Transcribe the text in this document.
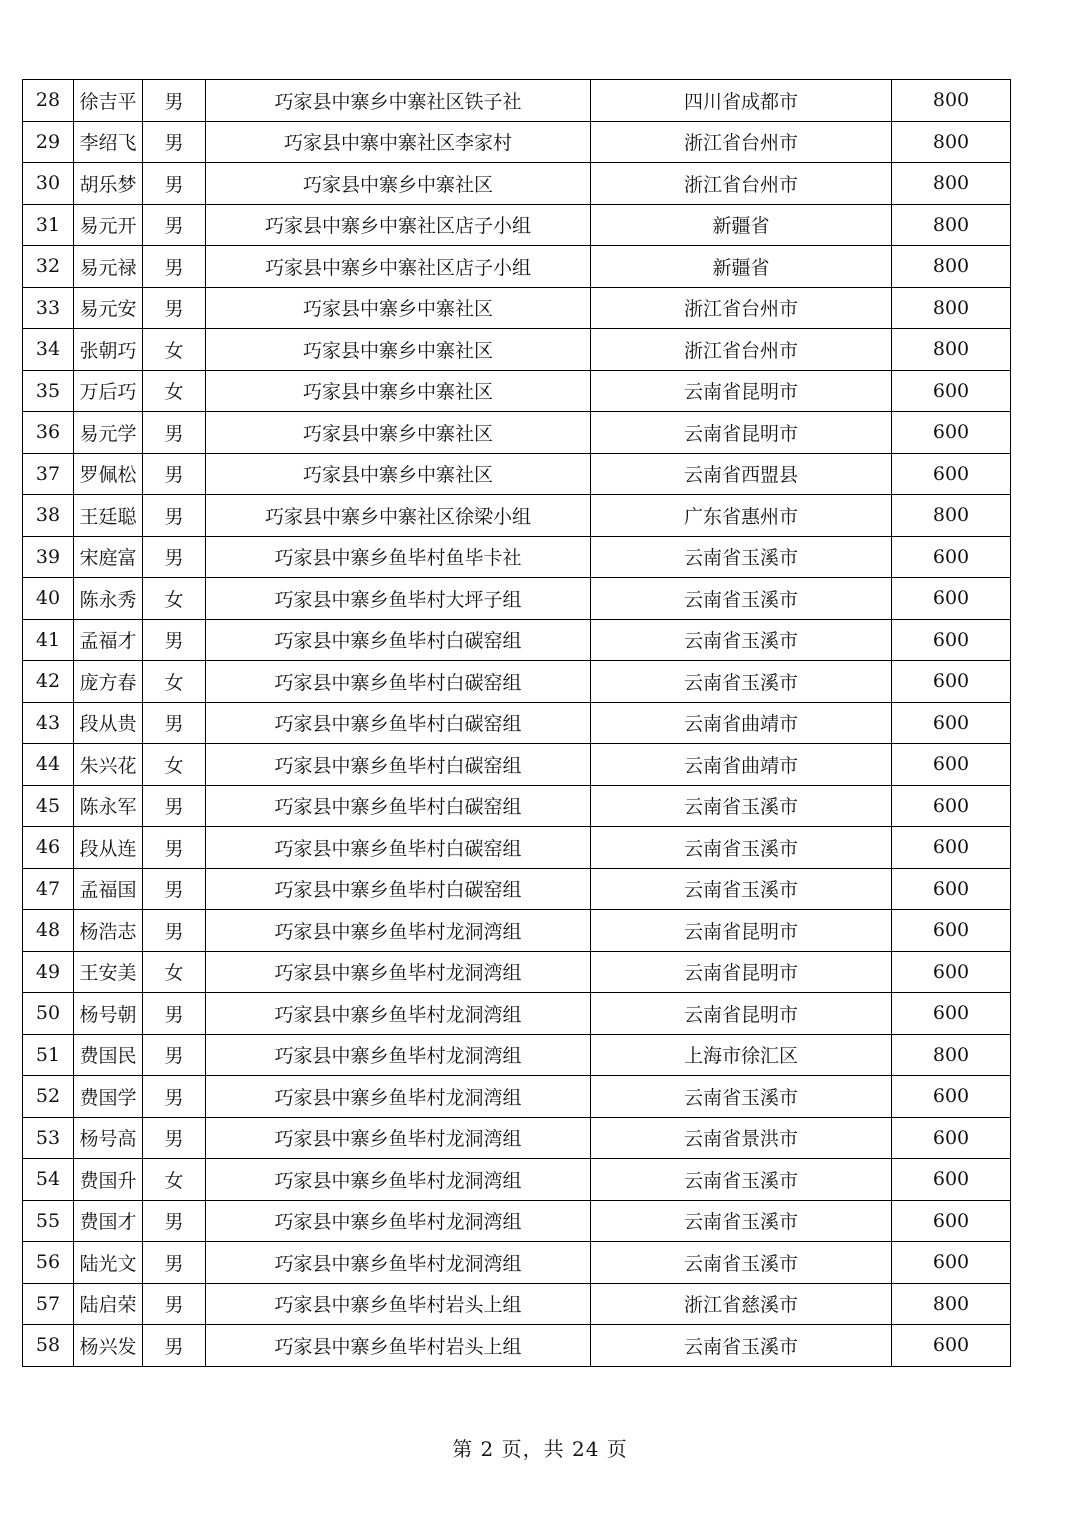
28	徐吉平	男	巧家县中寨乡中寨社区铁子社	四川省成都市	800
29	李绍飞	男	巧家县中寨中寨社区李家村	浙江省台州市	800
30	胡乐梦	男	巧家县中寨乡中寨社区	浙江省台州市	800
31	易元开	男	巧家县中寨乡中寨社区店子小组	新疆省	800
32	易元禄	男	巧家县中寨乡中寨社区店子小组	新疆省	800
33	易元安	男	巧家县中寨乡中寨社区	浙江省台州市	800
34	张朝巧	女	巧家县中寨乡中寨社区	浙江省台州市	800
35	万后巧	女	巧家县中寨乡中寨社区	云南省昆明市	600
36	易元学	男	巧家县中寨乡中寨社区	云南省昆明市	600
37	罗佩松	男	巧家县中寨乡中寨社区	云南省西盟县	600
38	王廷聪	男	巧家县中寨乡中寨社区徐梁小组	广东省惠州市	800
39	宋庭富	男	巧家县中寨乡鱼毕村鱼毕卡社	云南省玉溪市	600
40	陈永秀	女	巧家县中寨乡鱼毕村大坪子组	云南省玉溪市	600
41	孟福才	男	巧家县中寨乡鱼毕村白碳窑组	云南省玉溪市	600
42	庞方春	女	巧家县中寨乡鱼毕村白碳窑组	云南省玉溪市	600
43	段从贵	男	巧家县中寨乡鱼毕村白碳窑组	云南省曲靖市	600
44	朱兴花	女	巧家县中寨乡鱼毕村白碳窑组	云南省曲靖市	600
45	陈永军	男	巧家县中寨乡鱼毕村白碳窑组	云南省玉溪市	600
46	段从连	男	巧家县中寨乡鱼毕村白碳窑组	云南省玉溪市	600
47	孟福国	男	巧家县中寨乡鱼毕村白碳窑组	云南省玉溪市	600
48	杨浩志	男	巧家县中寨乡鱼毕村龙洞湾组	云南省昆明市	600
49	王安美	女	巧家县中寨乡鱼毕村龙洞湾组	云南省昆明市	600
50	杨号朝	男	巧家县中寨乡鱼毕村龙洞湾组	云南省昆明市	600
51	费国民	男	巧家县中寨乡鱼毕村龙洞湾组	上海市徐汇区	800
52	费国学	男	巧家县中寨乡鱼毕村龙洞湾组	云南省玉溪市	600
53	杨号高	男	巧家县中寨乡鱼毕村龙洞湾组	云南省景洪市	600
54	费国升	女	巧家县中寨乡鱼毕村龙洞湾组	云南省玉溪市	600
55	费国才	男	巧家县中寨乡鱼毕村龙洞湾组	云南省玉溪市	600
56	陆光文	男	巧家县中寨乡鱼毕村龙洞湾组	云南省玉溪市	600
57	陆启荣	男	巧家县中寨乡鱼毕村岩头上组	浙江省慈溪市	800
58	杨兴发	男	巧家县中寨乡鱼毕村岩头上组	云南省玉溪市	600
第 2 页，共 24 页
